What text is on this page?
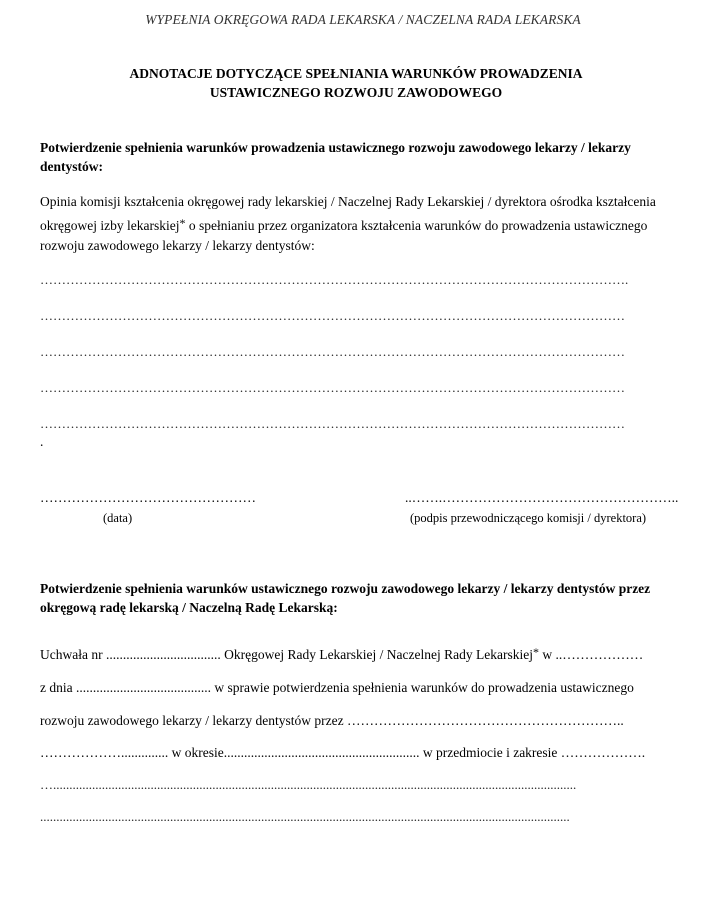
WYPEŁNIA OKRĘGOWA RADA LEKARSKA / NACZELNA RADA LEKARSKA
ADNOTACJE DOTYCZĄCE SPEŁNIANIA WARUNKÓW PROWADZENIA
USTAWICZNEGO ROZWOJU ZAWODOWEGO
Potwierdzenie spełnienia warunków prowadzenia ustawicznego rozwoju zawodowego lekarzy / lekarzy dentystów:
Opinia komisji kształcenia okręgowej rady lekarskiej / Naczelnej Rady Lekarskiej / dyrektora ośrodka kształcenia okręgowej izby lekarskiej* o spełnianiu przez organizatora kształcenia warunków do prowadzenia ustawicznego rozwoju zawodowego lekarzy / lekarzy dentystów:
……………………………………………………………………………………………………………………….
………………………………………………………………………………………………………………………
………………………………………………………………………………………………………………………
………………………………………………………………………………………………………………………
………………………………………………………………………………………………………………………
.
…………………………………………	..…….……………………………………………..
(data)	(podpis przewodniczącego komisji / dyrektora)
Potwierdzenie spełnienia warunków ustawicznego rozwoju zawodowego lekarzy / lekarzy dentystów przez okręgową radę lekarską / Naczelną Radę Lekarską:
Uchwała nr .................................. Okręgowej Rady Lekarskiej / Naczelnej Rady Lekarskiej* w ..………………
z dnia ........................................ w sprawie potwierdzenia spełnienia warunków do prowadzenia ustawicznego
rozwoju zawodowego lekarzy / lekarzy dentystów przez ……………………………………………………..
……………….............. w okresie.......................................................... w przedmiocie i zakresie ……………….
….................................................................................................................................................................
...................................................................................................................................................................
